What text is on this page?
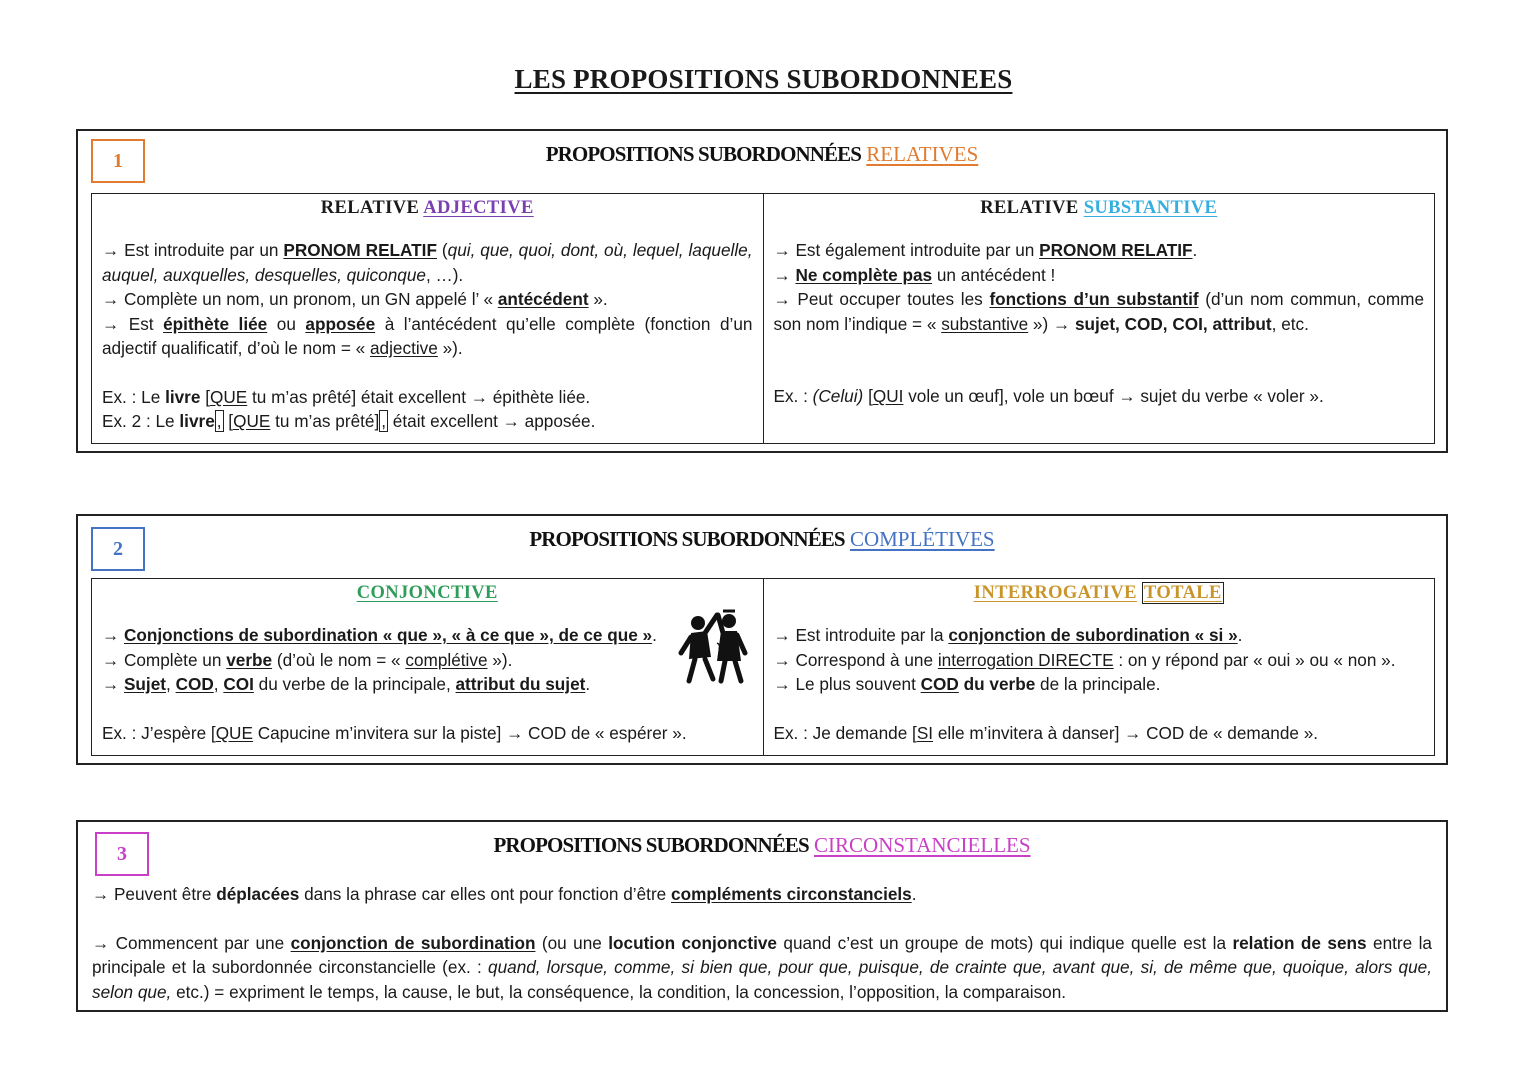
LES PROPOSITIONS SUBORDONNEES
1	PROPOSITIONS SUBORDONNÉES RELATIVES
RELATIVE ADJECTIVE

→ Est introduite par un PRONOM RELATIF (qui, que, quoi, dont, où, lequel, laquelle, auquel, auxquelles, desquelles, quiconque, …).

→ Complète un nom, un pronom, un GN appelé l’ « antécédent ».

→ Est épithète liée ou apposée à l’antécédent qu’elle complète (fonction d’un adjectif qualificatif, d’où le nom = « adjective »).

Ex. : Le livre [QUE tu m’as prêté] était excellent → épithète liée.

Ex. 2 : Le livre , [QUE tu m’as prêté] , était excellent → apposée.

RELATIVE SUBSTANTIVE

→ Est également introduite par un PRONOM RELATIF.

→ Ne complète pas un antécédent !

→ Peut occuper toutes les fonctions d’un substantif (d’un nom commun, comme son nom l’indique = « substantive ») → sujet, COD, COI, attribut, etc.

Ex. : (Celui) [QUI vole un œuf], vole un bœuf → sujet du verbe « voler ».

2	PROPOSITIONS SUBORDONNÉES COMPLÉTIVES
CONJONCTIVE

→ Conjonctions de subordination « que », « à ce que », de ce que ».

→ Complète un verbe (d’où le nom = « complétive »).

→ Sujet, COD, COI du verbe de la principale, attribut du sujet.

Ex. : J’espère [QUE Capucine m’invitera sur la piste] → COD de « espérer ».

INTERROGATIVE TOTALE

→ Est introduite par la conjonction de subordination « si ».

→ Correspond à une interrogation DIRECTE : on y répond par « oui » ou « non ».

→ Le plus souvent COD du verbe de la principale.

Ex. : Je demande [SI elle m’invitera à danser] → COD de « demande ».

3	PROPOSITIONS SUBORDONNÉES CIRCONSTANCIELLES

→ Peuvent être déplacées dans la phrase car elles ont pour fonction d’être compléments circonstanciels.

→ Commencent par une conjonction de subordination (ou une locution conjonctive quand c’est un groupe de mots) qui indique quelle est la relation de sens entre la principale et la subordonnée circonstancielle (ex. : quand, lorsque, comme, si bien que, pour que, puisque, de crainte que, avant que, si, de même que, quoique, alors que, selon que, etc.) = expriment le temps, la cause, le but, la conséquence, la condition, la concession, l’opposition, la comparaison.
